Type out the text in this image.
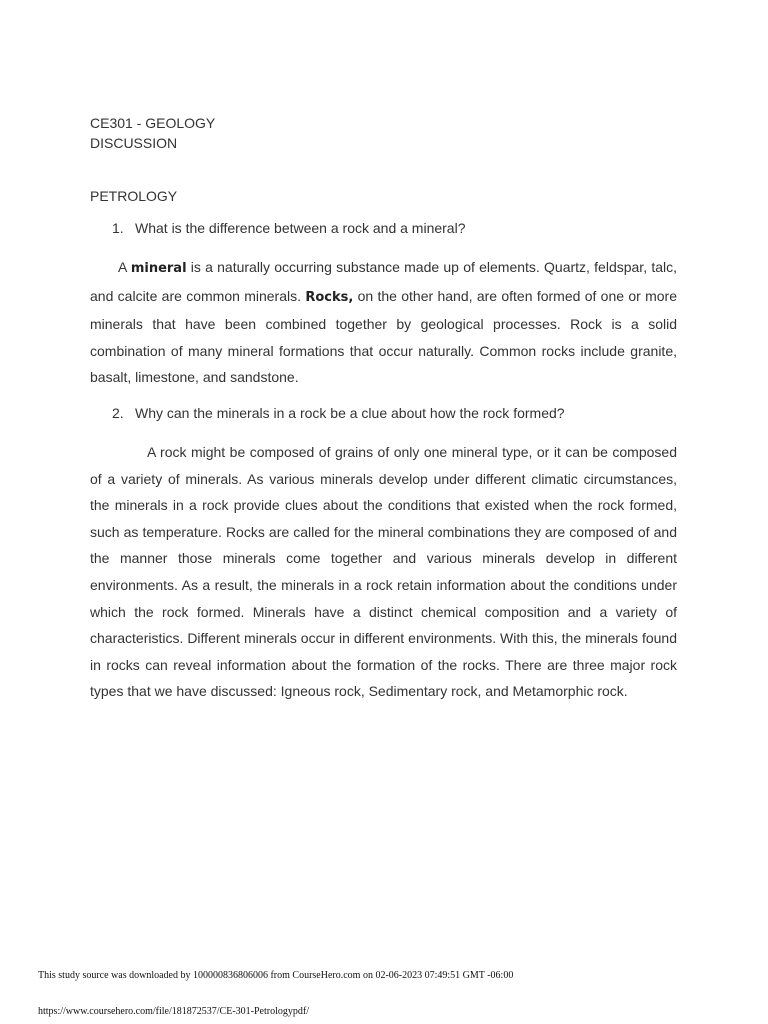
CE301 - GEOLOGY
DISCUSSION
PETROLOGY
1. What is the difference between a rock and a mineral?
A mineral is a naturally occurring substance made up of elements. Quartz, feldspar, talc, and calcite are common minerals. Rocks, on the other hand, are often formed of one or more minerals that have been combined together by geological processes. Rock is a solid combination of many mineral formations that occur naturally. Common rocks include granite, basalt, limestone, and sandstone.
2. Why can the minerals in a rock be a clue about how the rock formed?
A rock might be composed of grains of only one mineral type, or it can be composed of a variety of minerals. As various minerals develop under different climatic circumstances, the minerals in a rock provide clues about the conditions that existed when the rock formed, such as temperature. Rocks are called for the mineral combinations they are composed of and the manner those minerals come together and various minerals develop in different environments. As a result, the minerals in a rock retain information about the conditions under which the rock formed. Minerals have a distinct chemical composition and a variety of characteristics. Different minerals occur in different environments. With this, the minerals found in rocks can reveal information about the formation of the rocks. There are three major rock types that we have discussed: Igneous rock, Sedimentary rock, and Metamorphic rock.
This study source was downloaded by 100000836806006 from CourseHero.com on 02-06-2023 07:49:51 GMT -06:00
https://www.coursehero.com/file/181872537/CE-301-Petrologypdf/
